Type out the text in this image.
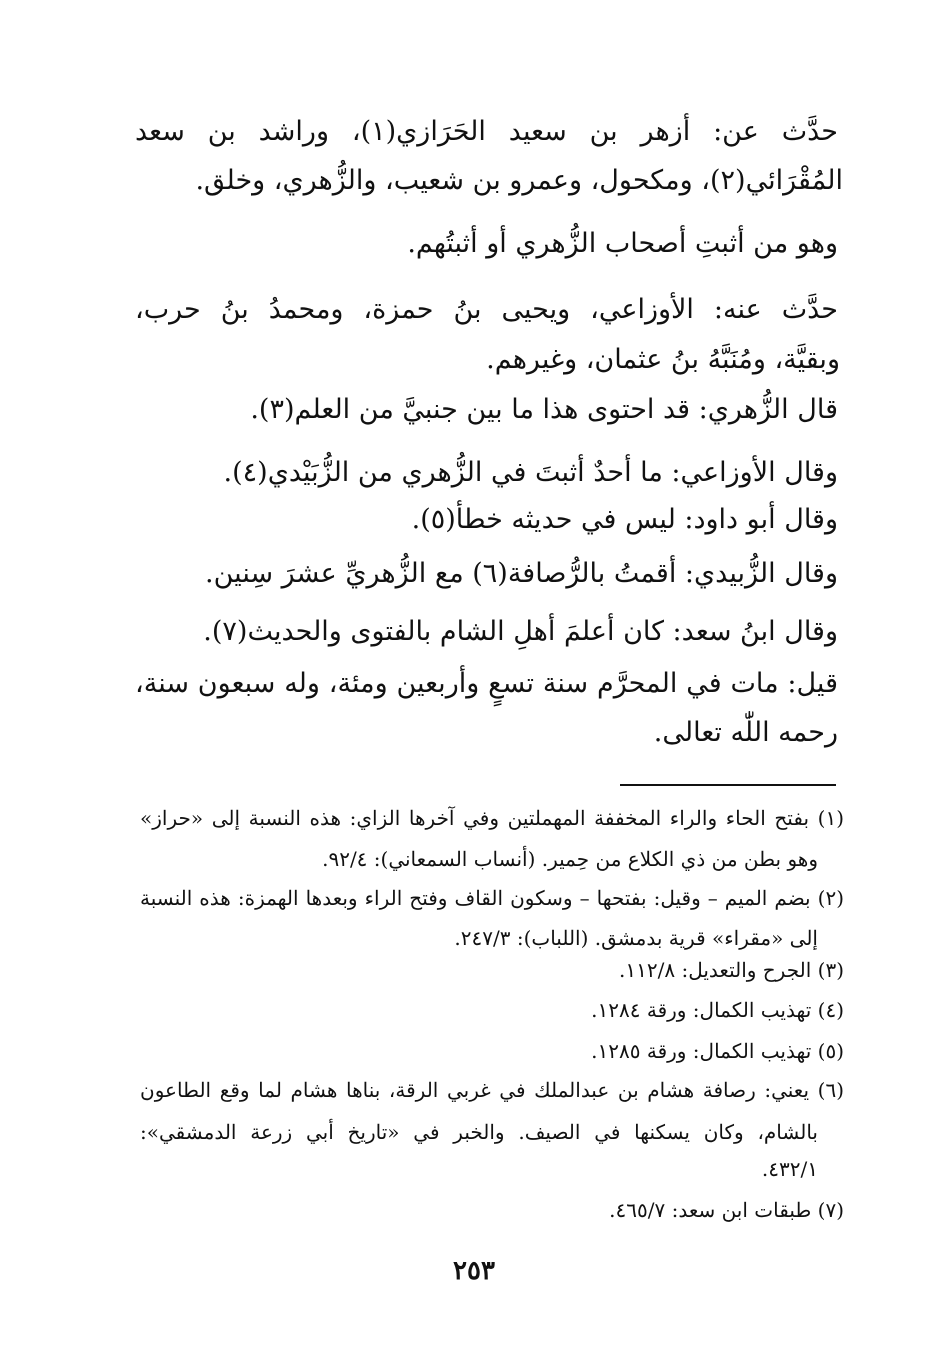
حدَّث عن: أزهر بن سعيد الحَرَازي(١)، وراشد بن سعد

المُقْرَائي(٢)، ومكحول، وعمرو بن شعيب، والزُّهري، وخلق.

وهو من أثبتِ أصحاب الزُّهري أو أثبتُهم.

حدَّث عنه: الأوزاعي، ويحيى بنُ حمزة، ومحمدُ بنُ حرب،

وبقيَّة، ومُنَبَّهُ بنُ عثمان، وغيرهم.

قال الزُّهري: قد احتوى هذا ما بين جنبيَّ من العلم(٣).

وقال الأوزاعي: ما أحدٌ أثبتَ في الزُّهري من الزُّبَيْدي(٤).

وقال أبو داود: ليس في حديثه خطأ(٥).

وقال الزُّبيدي: أقمتُ بالرُّصافة(٦) مع الزُّهريِّ عشرَ سِنين.

وقال ابنُ سعد: كان أعلمَ أهلِ الشام بالفتوى والحديث(٧).

قيل: مات في المحرَّم سنة تسعٍ وأربعين ومئة، وله سبعون سنة،

رحمه اللّٰه تعالى.

(١) بفتح الحاء والراء المخففة المهملتين وفي آخرها الزاي: هذه النسبة إلى «حراز»

وهو بطن من ذي الكلاع من حِمير. (أنساب السمعاني): ٩٢/٤.

(٢) بضم الميم – وقيل: بفتحها – وسكون القاف وفتح الراء وبعدها الهمزة: هذه النسبة

إلى «مقراء» قرية بدمشق. (اللباب): ٢٤٧/٣.

(٣) الجرح والتعديل: ١١٢/٨.

(٤) تهذيب الكمال: ورقة ١٢٨٤.

(٥) تهذيب الكمال: ورقة ١٢٨٥.

(٦) يعني: رصافة هشام بن عبدالملك في غربي الرقة، بناها هشام لما وقع الطاعون

بالشام، وكان يسكنها في الصيف. والخبر في «تاريخ أبي زرعة الدمشقي»:

٤٣٢/١.

(٧) طبقات ابن سعد: ٤٦٥/٧.

٢٥٣
